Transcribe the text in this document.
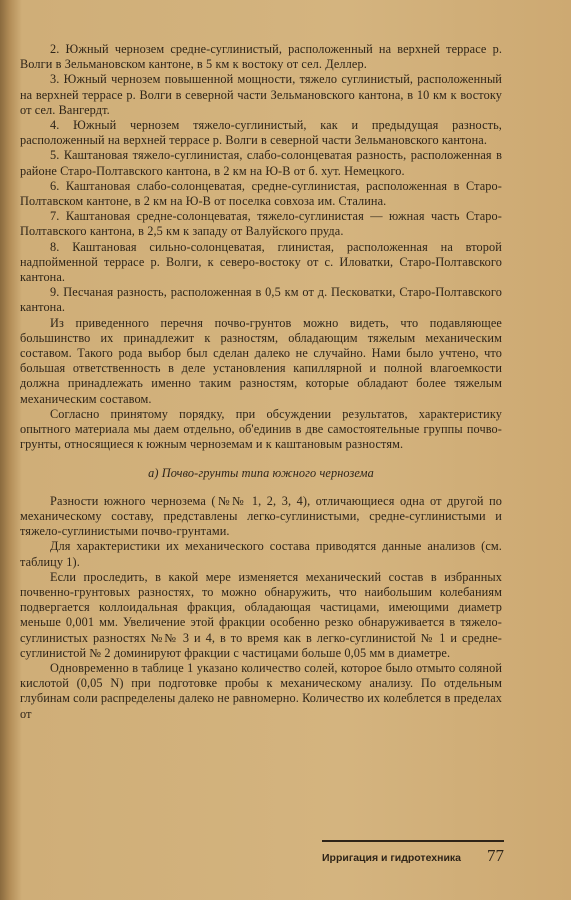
2. Южный чернозем средне-суглинистый, расположенный на верхней террасе р. Волги в Зельмановском кантоне, в 5 км к востоку от сел. Деллер.

3. Южный чернозем повышенной мощности, тяжело суглинистый, расположенный на верхней террасе р. Волги в северной части Зельмановского кантона, в 10 км к востоку от сел. Вангердт.

4. Южный чернозем тяжело-суглинистый, как и предыдущая разность, расположенный на верхней террасе р. Волги в северной части Зельмановского кантона.

5. Каштановая тяжело-суглинистая, слабо-солонцеватая разность, расположенная в районе Старо-Полтавского кантона, в 2 км на Ю-В от б. хут. Немецкого.

6. Каштановая слабо-солонцеватая, средне-суглинистая, расположенная в Старо-Полтавском кантоне, в 2 км на Ю-В от поселка совхоза им. Сталина.

7. Каштановая средне-солонцеватая, тяжело-суглинистая — южная часть Старо-Полтавского кантона, в 2,5 км к западу от Валуйского пруда.

8. Каштановая сильно-солонцеватая, глинистая, расположенная на второй надпойменной террасе р. Волги, к северо-востоку от с. Иловатки, Старо-Полтавского кантона.

9. Песчаная разность, расположенная в 0,5 км от д. Песковатки, Старо-Полтавского кантона.

Из приведенного перечня почво-грунтов можно видеть, что подавляющее большинство их принадлежит к разностям, обладающим тяжелым механическим составом. Такого рода выбор был сделан далеко не случайно. Нами было учтено, что большая ответственность в деле установления капиллярной и полной влагоемкости должна принадлежать именно таким разностям, которые обладают более тяжелым механическим составом.

Согласно принятому порядку, при обсуждении результатов, характеристику опытного материала мы даем отдельно, об'единив в две самостоятельные группы почво-грунты, относящиеся к южным черноземам и к каштановым разностям.

а) Почво-грунты типа южного чернозема

Разности южного чернозема (№№ 1, 2, 3, 4), отличающиеся одна от другой по механическому составу, представлены легко-суглинистыми, средне-суглинистыми и тяжело-суглинистыми почво-грунтами.

Для характеристики их механического состава приводятся данные анализов (см. таблицу 1).

Если проследить, в какой мере изменяется механический состав в избранных почвенно-грунтовых разностях, то можно обнаружить, что наибольшим колебаниям подвергается коллоидальная фракция, обладающая частицами, имеющими диаметр меньше 0,001 мм. Увеличение этой фракции особенно резко обнаруживается в тяжело-суглинистых разностях №№ 3 и 4, в то время как в легко-суглинистой № 1 и средне-суглинистой № 2 доминируют фракции с частицами больше 0,05 мм в диаметре.

Одновременно в таблице 1 указано количество солей, которое было отмыто соляной кислотой (0,05 N) при подготовке пробы к механическому анализу. По отдельным глубинам соли распределены далеко не равномерно. Количество их колеблется в пределах от

Ирригация и гидротехника 77
